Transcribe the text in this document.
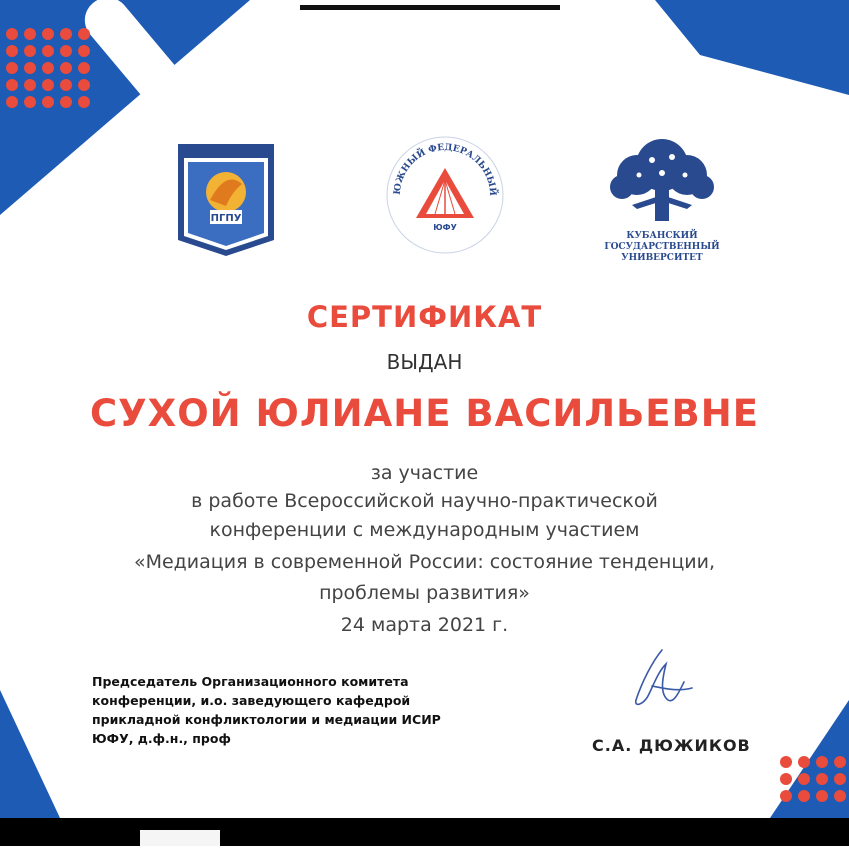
ПГПУ
ЮЖНЫЙ ФЕДЕРАЛЬНЫЙ
ЮФУ
КУБАНСКИЙ
ГОСУДАРСТВЕННЫЙ
УНИВЕРСИТЕТ
СЕРТИФИКАТ
ВЫДАН
СУХОЙ ЮЛИАНЕ ВАСИЛЬЕВНЕ
за участие
в работе Всероссийской научно-практической
конференции с международным участием
«Медиация в современной России: состояние тенденции,
проблемы развития»
24 марта 2021 г.
Председатель Организационного комитета
конференции, и.о. заведующего кафедрой
прикладной конфликтологии и медиации ИСИР
ЮФУ, д.ф.н., проф	С.А. ДЮЖИКОВ
